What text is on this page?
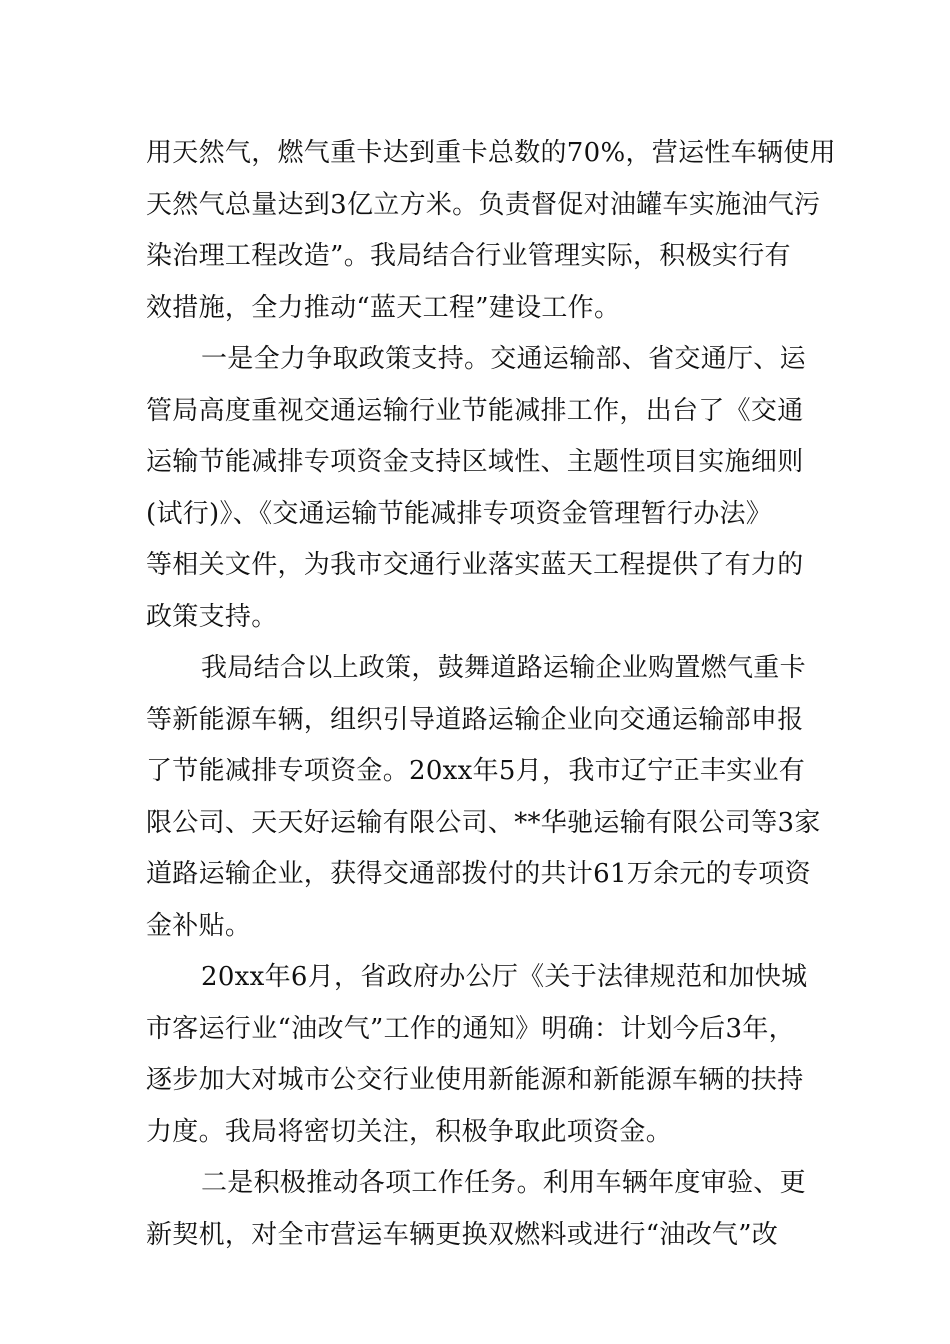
用天然气，燃气重卡达到重卡总数的70%，营运性车辆使用
天然气总量达到3亿立方米。负责督促对油罐车实施油气污
染治理工程改造”。我局结合行业管理实际，积极实行有
效措施，全力推动“蓝天工程”建设工作。
一是全力争取政策支持。交通运输部、省交通厅、运
管局高度重视交通运输行业节能减排工作，出台了《交通
运输节能减排专项资金支持区域性、主题性项目实施细则
(试行)》、《交通运输节能减排专项资金管理暂行办法》
等相关文件，为我市交通行业落实蓝天工程提供了有力的
政策支持。
我局结合以上政策，鼓舞道路运输企业购置燃气重卡
等新能源车辆，组织引导道路运输企业向交通运输部申报
了节能减排专项资金。20xx年5月，我市辽宁正丰实业有
限公司、天天好运输有限公司、**华驰运输有限公司等3家
道路运输企业，获得交通部拨付的共计61万余元的专项资
金补贴。
20xx年6月，省政府办公厅《关于法律规范和加快城
市客运行业“油改气”工作的通知》明确：计划今后3年，
逐步加大对城市公交行业使用新能源和新能源车辆的扶持
力度。我局将密切关注，积极争取此项资金。
二是积极推动各项工作任务。利用车辆年度审验、更
新契机，对全市营运车辆更换双燃料或进行“油改气”改
